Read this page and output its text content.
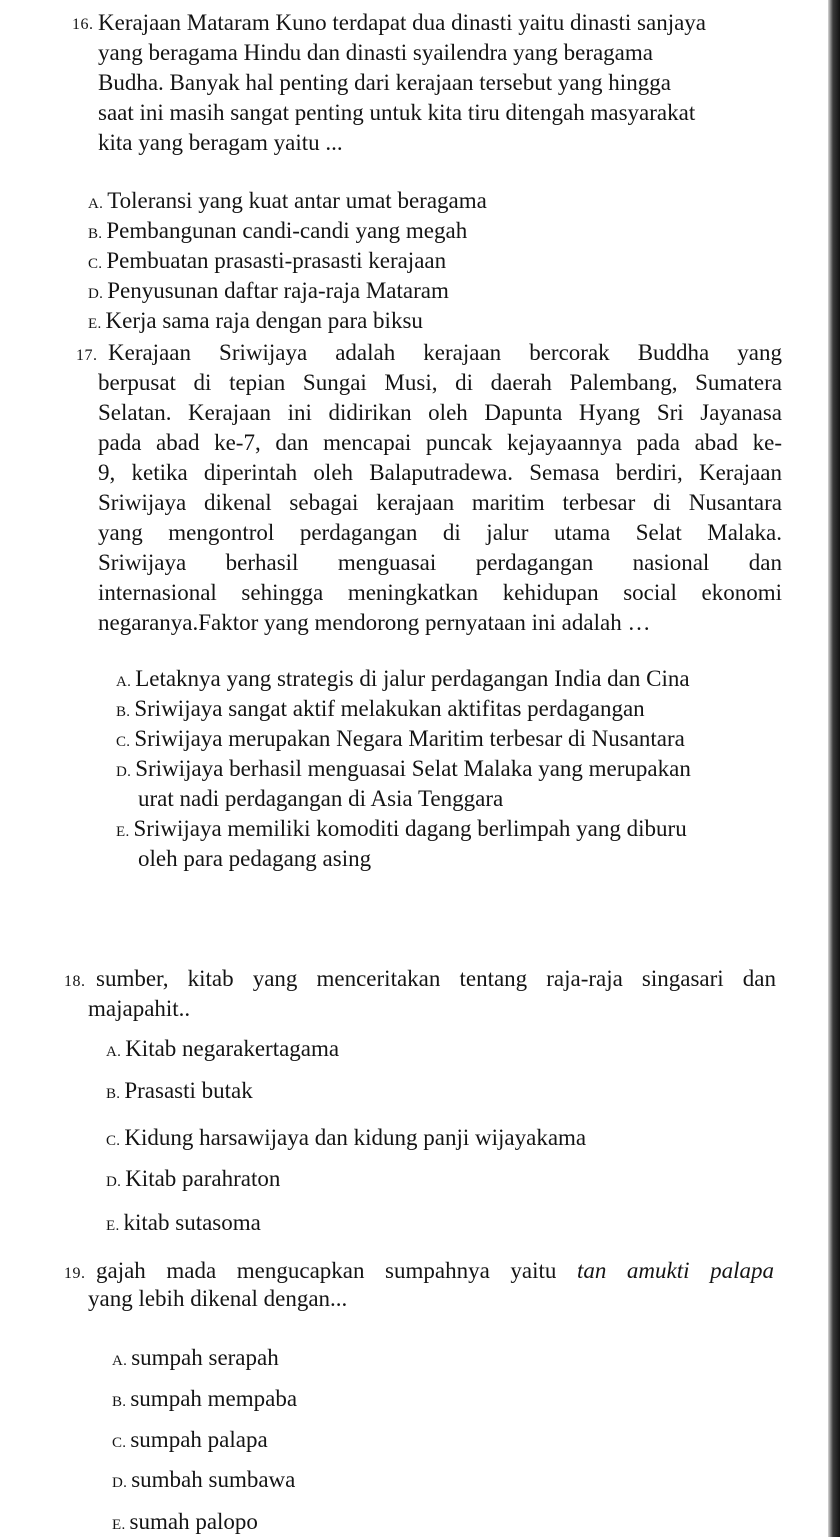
16. Kerajaan Mataram Kuno terdapat dua dinasti yaitu dinasti sanjaya
yang beragama Hindu dan dinasti syailendra yang beragama
Budha. Banyak hal penting dari kerajaan tersebut yang hingga
saat ini masih sangat penting untuk kita tiru ditengah masyarakat
kita yang beragam yaitu ...
A. Toleransi yang kuat antar umat beragama
B. Pembangunan candi-candi yang megah
C. Pembuatan prasasti-prasasti kerajaan
D. Penyusunan daftar raja-raja Mataram
E. Kerja sama raja dengan para biksu
17. Kerajaan Sriwijaya adalah kerajaan bercorak Buddha yang
berpusat di tepian Sungai Musi, di daerah Palembang, Sumatera
Selatan. Kerajaan ini didirikan oleh Dapunta Hyang Sri Jayanasa
pada abad ke-7, dan mencapai puncak kejayaannya pada abad ke-
9, ketika diperintah oleh Balaputradewa. Semasa berdiri, Kerajaan
Sriwijaya dikenal sebagai kerajaan maritim terbesar di Nusantara
yang mengontrol perdagangan di jalur utama Selat Malaka.
Sriwijaya berhasil menguasai perdagangan nasional dan
internasional sehingga meningkatkan kehidupan social ekonomi
negaranya.Faktor yang mendorong pernyataan ini adalah …
A. Letaknya yang strategis di jalur perdagangan India dan Cina
B. Sriwijaya sangat aktif melakukan aktifitas perdagangan
C. Sriwijaya merupakan Negara Maritim terbesar di Nusantara
D. Sriwijaya berhasil menguasai Selat Malaka yang merupakan
urat nadi perdagangan di Asia Tenggara
E. Sriwijaya memiliki komoditi dagang berlimpah yang diburu
oleh para pedagang asing
18. sumber, kitab yang menceritakan tentang raja-raja singasari dan
majapahit..
A. Kitab negarakertagama
B. Prasasti butak
C. Kidung harsawijaya dan kidung panji wijayakama
D. Kitab parahraton
E. kitab sutasoma
19. gajah mada mengucapkan sumpahnya yaitu tan amukti palapa
yang lebih dikenal dengan...
A. sumpah serapah
B. sumpah mempaba
C. sumpah palapa
D. sumbah sumbawa
E. sumah palopo
